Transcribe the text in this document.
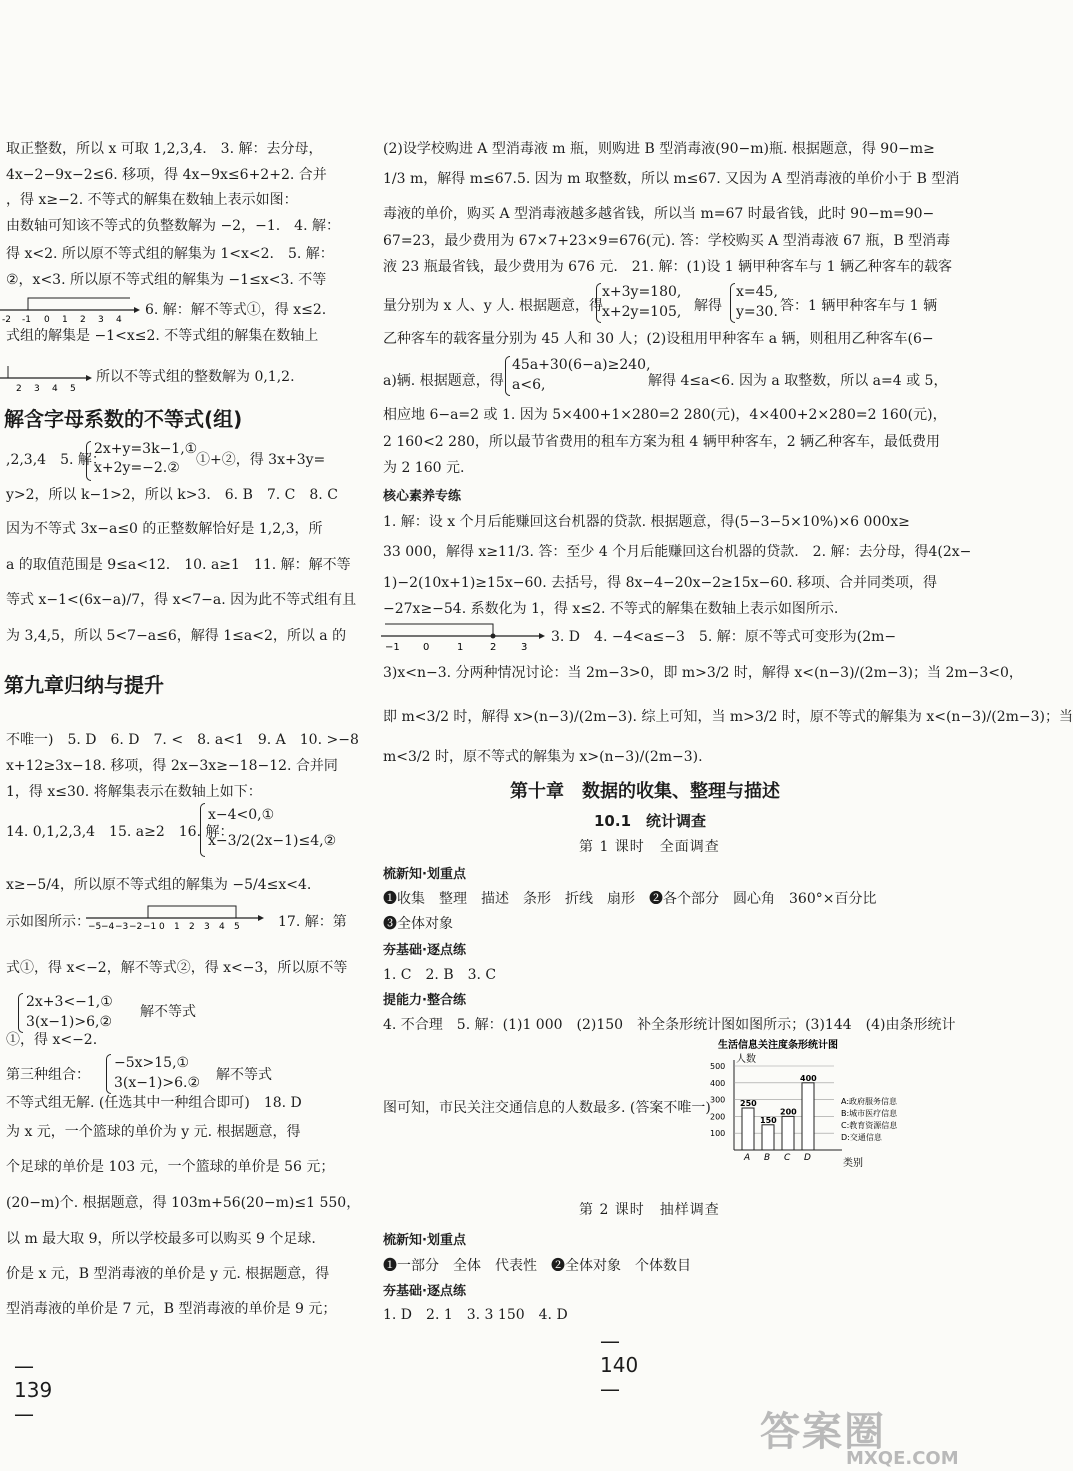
取正整数，所以 x 可取 1,2,3,4.　3. 解：去分母，
4x−2−9x−2≤6. 移项，得 4x−9x≤6+2+2. 合并
，得 x≥−2. 不等式的解集在数轴上表示如图：
由数轴可知该不等式的负整数解为 −2，−1.　4. 解：
得 x<2. 所以原不等式组的解集为 1<x<2.　5. 解：
②，x<3. 所以原不等式组的解集为 −1≤x<3. 不等
-2 -1 0 1 2 3 4
6. 解：解不等式①，得 x≤2.
式组的解集是 −1<x≤2. 不等式组的解集在数轴上
2 3 4 5
所以不等式组的整数解为 0,1,2.
解含字母系数的不等式(组)
,2,3,4　5. 解：
2x+y=3k−1,①
x+2y=−2.②	①+②，得 3x+3y=
y>2，所以 k−1>2，所以 k>3.　6. B　7. C　8. C
因为不等式 3x−a≤0 的正整数解恰好是 1,2,3，所
a 的取值范围是 9≤a<12.　10. a≥1　11. 解：解不等
等式 x−1<(6x−a)/7，得 x<7−a. 因为此不等式组有且
为 3,4,5，所以 5<7−a≤6，解得 1≤a<2，所以 a 的
第九章归纳与提升
不唯一)　5. D　6. D　7. <　8. a<1　9. A　10. >−8
x+12≥3x−18. 移项，得 2x−3x≥−18−12. 合并同
1，得 x≤30. 将解集表示在数轴上如下：
14. 0,1,2,3,4　15. a≥2　16. 解：
x−4<0,①
x−3/2(2x−1)≤4,②
x≥−5/4，所以原不等式组的解集为 −5/4≤x<4.
示如图所示：
−5 −4 −3 −2 −1 0 1 2 3 4 5	17. 解：第
式①，得 x<−2，解不等式②，得 x<−3，所以原不等
2x+3<−1,①
3(x−1)>6,②
解不等式
①，得 x<−2.
第三种组合：
−5x>15,①
3(x−1)>6.② 解不等式
不等式组无解. (任选其中一种组合即可)　18. D
为 x 元，一个篮球的单价为 y 元. 根据题意，得
个足球的单价是 103 元，一个篮球的单价是 56 元；
(20−m)个. 根据题意，得 103m+56(20−m)≤1 550，
以 m 最大取 9，所以学校最多可以购买 9 个足球.
价是 x 元，B 型消毒液的单价是 y 元. 根据题意，得
型消毒液的单价是 7 元，B 型消毒液的单价是 9 元；
— 139 —
(2)设学校购进 A 型消毒液 m 瓶，则购进 B 型消毒液(90−m)瓶. 根据题意，得 90−m≥
1/3 m，解得 m≤67.5. 因为 m 取整数，所以 m≤67. 又因为 A 型消毒液的单价小于 B 型消
毒液的单价，购买 A 型消毒液越多越省钱，所以当 m=67 时最省钱，此时 90−m=90−
67=23，最少费用为 67×7+23×9=676(元). 答：学校购买 A 型消毒液 67 瓶，B 型消毒
液 23 瓶最省钱，最少费用为 676 元.　21. 解：(1)设 1 辆甲种客车与 1 辆乙种客车的载客
量分别为 x 人、y 人. 根据题意，得
x+3y=180,
x+2y=105, 解得
x=45,
y=30. 答：1 辆甲种客车与 1 辆
乙种客车的载客量分别为 45 人和 30 人；(2)设租用甲种客车 a 辆，则租用乙种客车(6−
a)辆. 根据题意，得
45a+30(6−a)≥240,
a<6,	解得 4≤a<6. 因为 a 取整数，所以 a=4 或 5，
相应地 6−a=2 或 1. 因为 5×400+1×280=2 280(元)，4×400+2×280=2 160(元)，
2 160<2 280，所以最节省费用的租车方案为租 4 辆甲种客车，2 辆乙种客车，最低费用
为 2 160 元.
核心素养专练
1. 解：设 x 个月后能赚回这台机器的贷款. 根据题意，得(5−3−5×10%)×6 000x≥
33 000，解得 x≥11/3. 答：至少 4 个月后能赚回这台机器的贷款.　2. 解：去分母，得4(2x−
1)−2(10x+1)≥15x−60. 去括号，得 8x−4−20x−2≥15x−60. 移项、合并同类项，得
−27x≥−54. 系数化为 1，得 x≤2. 不等式的解集在数轴上表示如图所示.
−1 0	1	2 3
3. D　4. −4<a≤−3　5. 解：原不等式可变形为(2m−
3)x<n−3. 分两种情况讨论：当 2m−3>0，即 m>3/2 时，解得 x<(n−3)/(2m−3)；当 2m−3<0，
即 m<3/2 时，解得 x>(n−3)/(2m−3). 综上可知，当 m>3/2 时，原不等式的解集为 x<(n−3)/(2m−3)；当
m<3/2 时，原不等式的解集为 x>(n−3)/(2m−3).
第十章　数据的收集、整理与描述
10.1　统计调查
第 1 课时　全面调查
梳新知·划重点
❶收集　整理　描述　条形　折线　扇形　❷各个部分　圆心角　360°×百分比
❸全体对象
夯基础·逐点练
1. C　2. B　3. C
提能力·整合练
4. 不合理　5. 解：(1)1 000　(2)150　补全条形统计图如图所示；(3)144　(4)由条形统计
图可知，市民关注交通信息的人数最多. (答案不唯一)
生活信息关注度条形统计图
人数
类别
100
200
300
400
500
250
A
150
B
200
C
400
D
A:政府服务信息
B:城市医疗信息
C:教育资源信息
D:交通信息
第 2 课时　抽样调查
梳新知·划重点
❶一部分　全体　代表性　❷全体对象　个体数目
夯基础·逐点练
1. D　2. 1　3. 3 150　4. D
— 140 —
答案圈
MXQE.COM
